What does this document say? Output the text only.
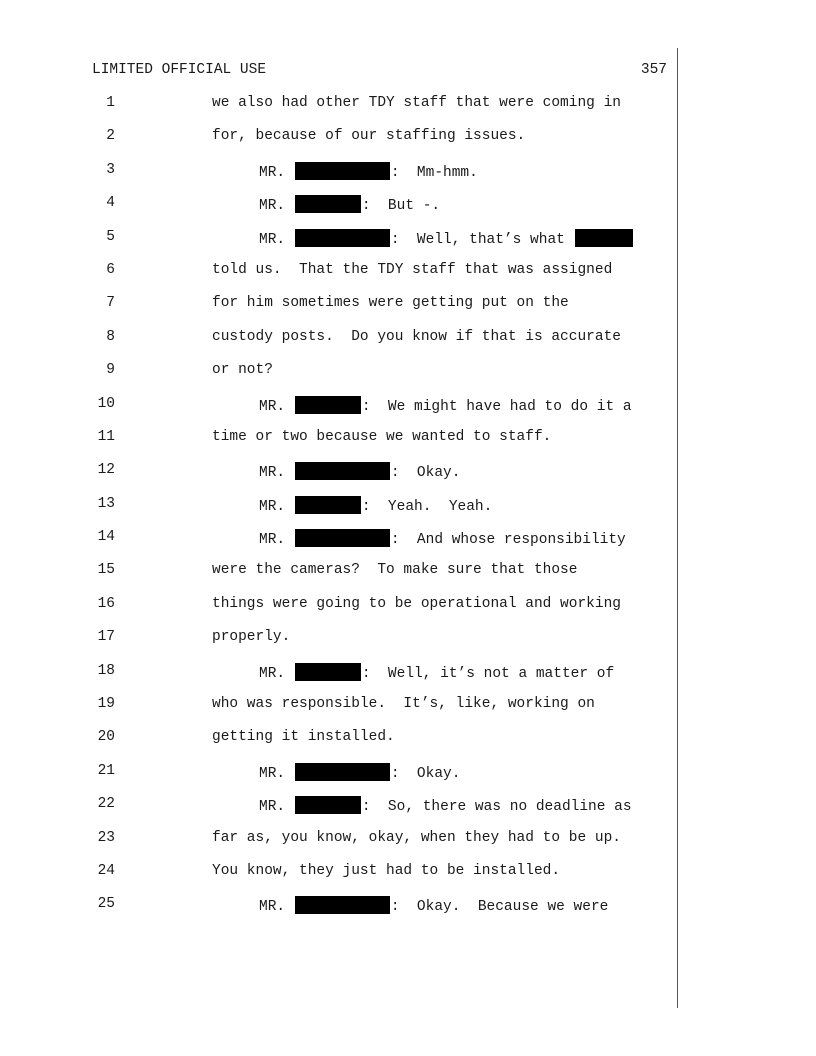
LIMITED OFFICIAL USE	357
1	we also had other TDY staff that were coming in
2	for, because of our staffing issues.
3	MR.	:  Mm-hmm.
4	MR.	:  But -.
5	MR.	:  Well, that’s what
6	told us.  That the TDY staff that was assigned
7	for him sometimes were getting put on the
8	custody posts.  Do you know if that is accurate
9	or not?
10	MR.	:  We might have had to do it a
11	time or two because we wanted to staff.
12	MR.	:  Okay.
13	MR.	:  Yeah.  Yeah.
14	MR.	:  And whose responsibility
15	were the cameras?  To make sure that those
16	things were going to be operational and working
17	properly.
18	MR.	:  Well, it’s not a matter of
19	who was responsible.  It’s, like, working on
20	getting it installed.
21	MR.	:  Okay.
22	MR.	:  So, there was no deadline as
23	far as, you know, okay, when they had to be up.
24	You know, they just had to be installed.
25	MR.	:  Okay.  Because we were
